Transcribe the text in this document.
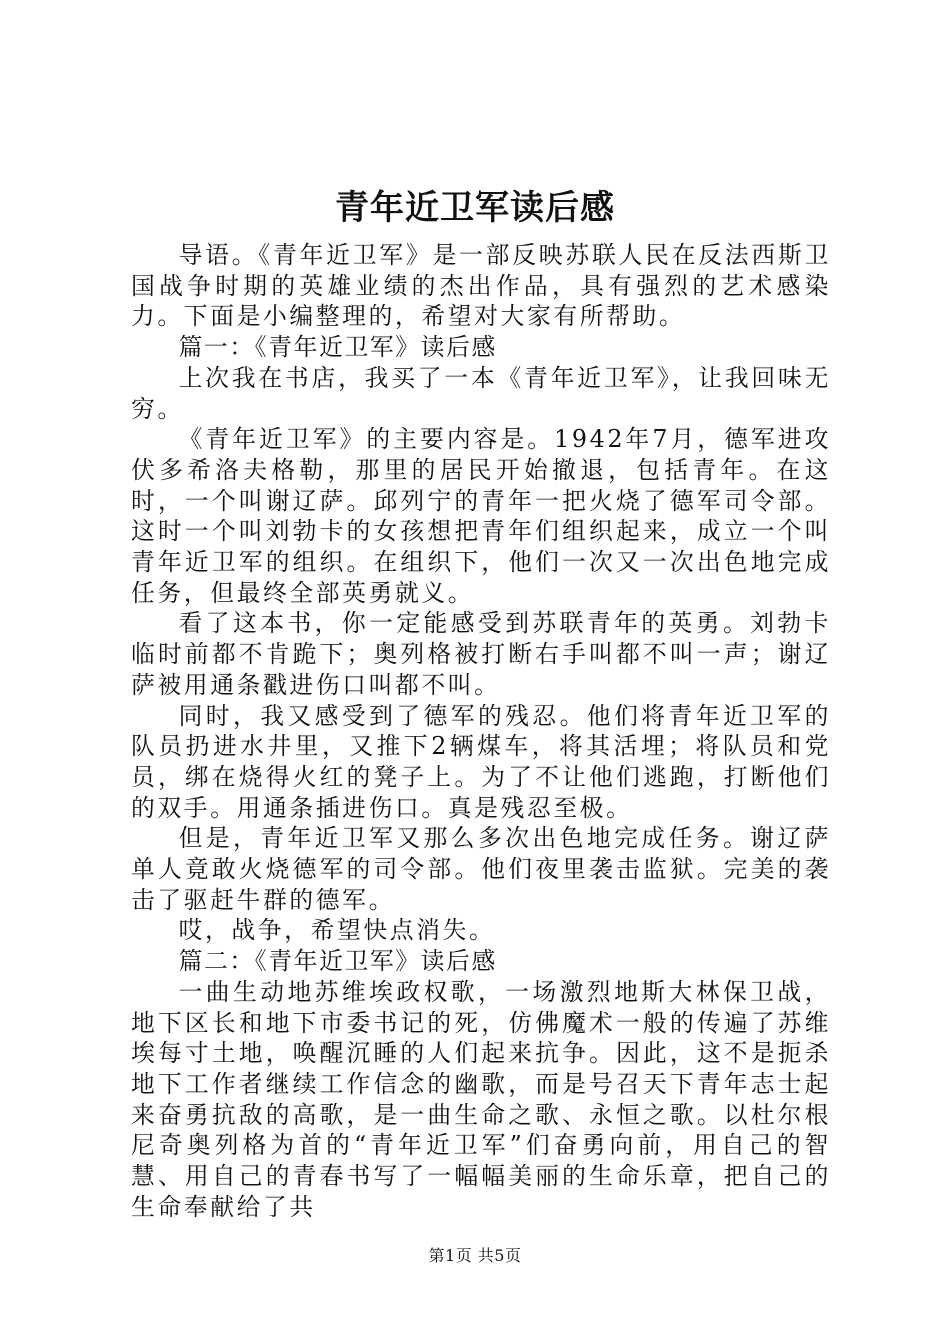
青年近卫军读后感

导语。《青年近卫军》是一部反映苏联人民在反法西斯卫国战争时期的英雄业绩的杰出作品，具有强烈的艺术感染力。下面是小编整理的，希望对大家有所帮助。

篇一：《青年近卫军》读后感

上次我在书店，我买了一本《青年近卫军》，让我回味无穷。

《青年近卫军》的主要内容是。1942年7月，德军进攻伏多希洛夫格勒，那里的居民开始撤退，包括青年。在这时，一个叫谢辽萨。邱列宁的青年一把火烧了德军司令部。这时一个叫刘勃卡的女孩想把青年们组织起来，成立一个叫青年近卫军的组织。在组织下，他们一次又一次出色地完成任务，但最终全部英勇就义。

看了这本书，你一定能感受到苏联青年的英勇。刘勃卡临时前都不肯跪下；奥列格被打断右手叫都不叫一声；谢辽萨被用通条戳进伤口叫都不叫。

同时，我又感受到了德军的残忍。他们将青年近卫军的队员扔进水井里，又推下2辆煤车，将其活埋；将队员和党员，绑在烧得火红的凳子上。为了不让他们逃跑，打断他们的双手。用通条插进伤口。真是残忍至极。

但是，青年近卫军又那么多次出色地完成任务。谢辽萨单人竟敢火烧德军的司令部。他们夜里袭击监狱。完美的袭击了驱赶牛群的德军。

哎，战争，希望快点消失。

篇二：《青年近卫军》读后感

一曲生动地苏维埃政权歌，一场激烈地斯大林保卫战，地下区长和地下市委书记的死，仿佛魔术一般的传遍了苏维埃每寸土地，唤醒沉睡的人们起来抗争。因此，这不是扼杀地下工作者继续工作信念的幽歌，而是号召天下青年志士起来奋勇抗敌的高歌，是一曲生命之歌、永恒之歌。以杜尔根尼奇奥列格为首的“青年近卫军”们奋勇向前，用自己的智慧、用自己的青春书写了一幅幅美丽的生命乐章，把自己的生命奉献给了共

第1页 共5页
